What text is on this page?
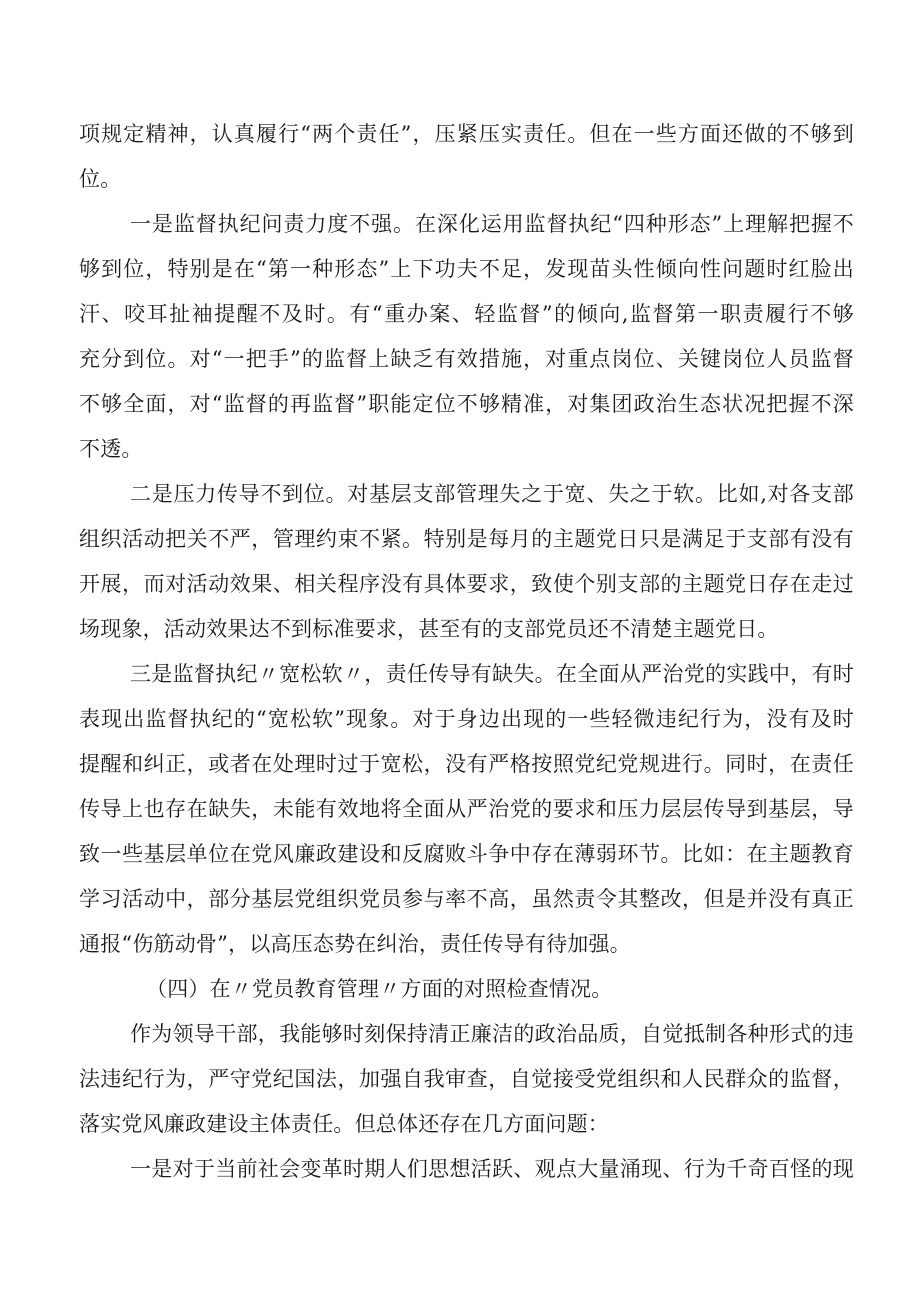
项规定精神，认真履行“两个责任”，压紧压实责任。但在一些方面还做的不够到
位。
一是监督执纪问责力度不强。在深化运用监督执纪“四种形态”上理解把握不
够到位，特别是在“第一种形态”上下功夫不足，发现苗头性倾向性问题时红脸出
汗、咬耳扯袖提醒不及时。有“重办案、轻监督”的倾向,监督第一职责履行不够
充分到位。对“一把手”的监督上缺乏有效措施，对重点岗位、关键岗位人员监督
不够全面，对“监督的再监督”职能定位不够精准，对集团政治生态状况把握不深
不透。
二是压力传导不到位。对基层支部管理失之于宽、失之于软。比如,对各支部
组织活动把关不严，管理约束不紧。特别是每月的主题党日只是满足于支部有没有
开展，而对活动效果、相关程序没有具体要求，致使个别支部的主题党日存在走过
场现象，活动效果达不到标准要求，甚至有的支部党员还不清楚主题党日。
三是监督执纪〃宽松软〃，责任传导有缺失。在全面从严治党的实践中，有时
表现出监督执纪的“宽松软”现象。对于身边出现的一些轻微违纪行为，没有及时
提醒和纠正，或者在处理时过于宽松，没有严格按照党纪党规进行。同时，在责任
传导上也存在缺失，未能有效地将全面从严治党的要求和压力层层传导到基层，导
致一些基层单位在党风廉政建设和反腐败斗争中存在薄弱环节。比如：在主题教育
学习活动中，部分基层党组织党员参与率不高，虽然责令其整改，但是并没有真正
通报“伤筋动骨”，以高压态势在纠治，责任传导有待加强。
（四）在〃党员教育管理〃方面的对照检查情况。
作为领导干部，我能够时刻保持清正廉洁的政治品质，自觉抵制各种形式的违
法违纪行为，严守党纪国法，加强自我审查，自觉接受党组织和人民群众的监督，
落实党风廉政建设主体责任。但总体还存在几方面问题：
一是对于当前社会变革时期人们思想活跃、观点大量涌现、行为千奇百怪的现
